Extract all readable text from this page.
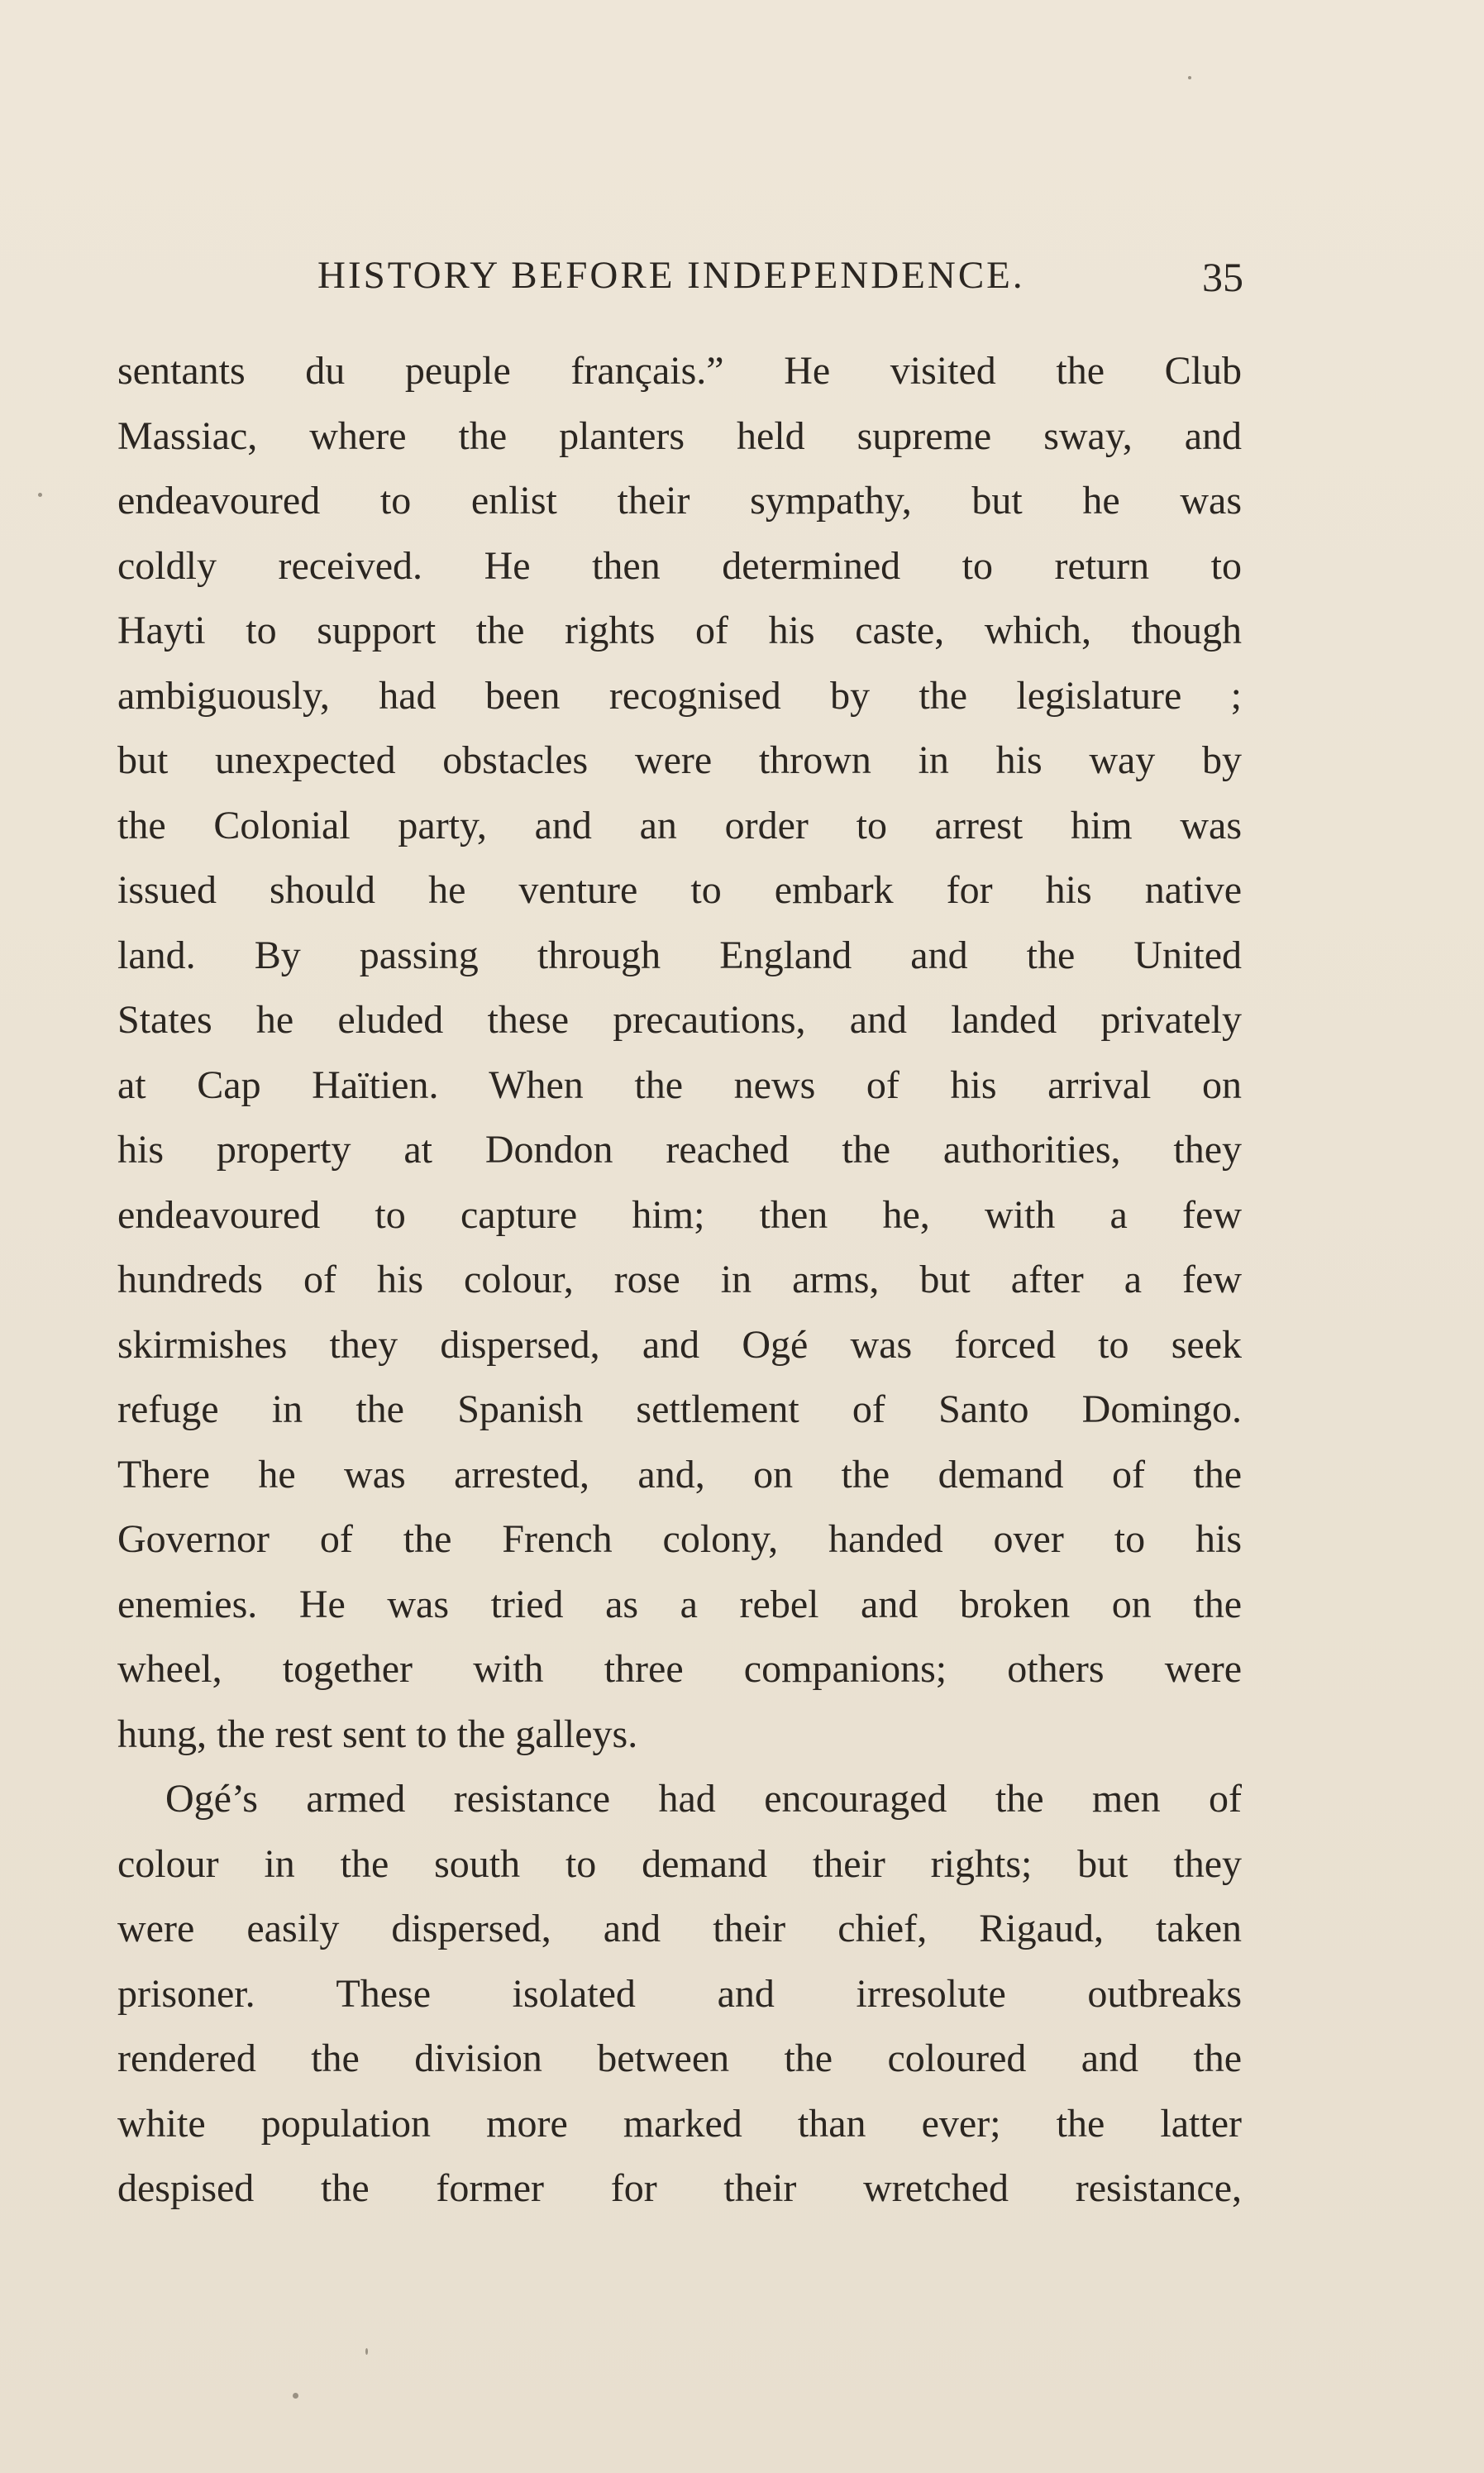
HISTORY BEFORE INDEPENDENCE.	35
sentants du peuple français.” He visited the Club
Massiac, where the planters held supreme sway, and
endeavoured to enlist their sympathy, but he was
coldly received. He then determined to return to
Hayti to support the rights of his caste, which, though
ambiguously, had been recognised by the legislature ;
but unexpected obstacles were thrown in his way by
the Colonial party, and an order to arrest him was
issued should he venture to embark for his native
land. By passing through England and the United
States he eluded these precautions, and landed privately
at Cap Haïtien. When the news of his arrival on
his property at Dondon reached the authorities, they
endeavoured to capture him; then he, with a few
hundreds of his colour, rose in arms, but after a few
skirmishes they dispersed, and Ogé was forced to seek
refuge in the Spanish settlement of Santo Domingo.
There he was arrested, and, on the demand of the
Governor of the French colony, handed over to his
enemies. He was tried as a rebel and broken on the
wheel, together with three companions; others were
hung, the rest sent to the galleys.
Ogé’s armed resistance had encouraged the men of
colour in the south to demand their rights; but they
were easily dispersed, and their chief, Rigaud, taken
prisoner. These isolated and irresolute outbreaks
rendered the division between the coloured and the
white population more marked than ever; the latter
despised the former for their wretched resistance,
